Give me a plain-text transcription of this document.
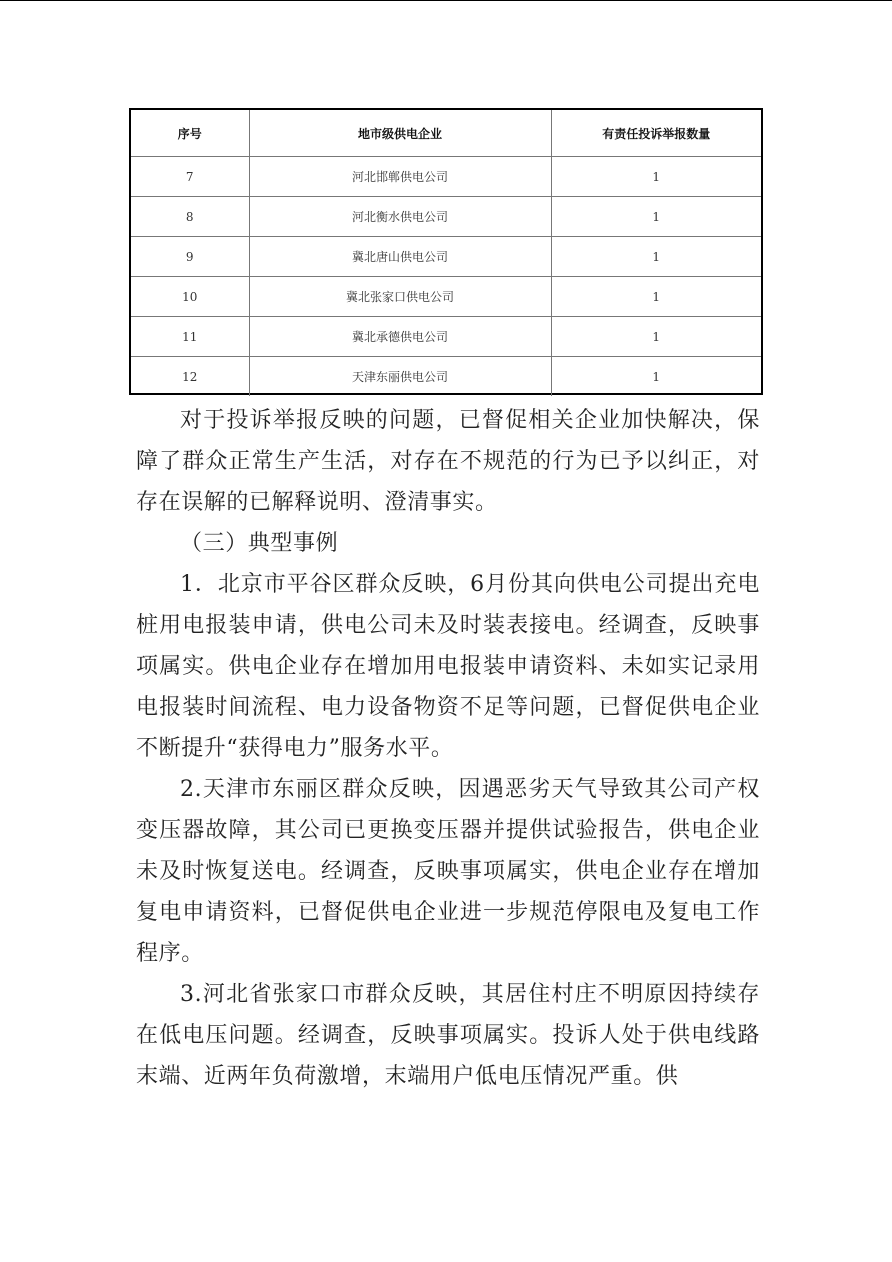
序号	地市级供电企业	有责任投诉举报数量
7	河北邯郸供电公司	1
8	河北衡水供电公司	1
9	冀北唐山供电公司	1
10	冀北张家口供电公司	1
11	冀北承德供电公司	1
12	天津东丽供电公司	1

对于投诉举报反映的问题，已督促相关企业加快解决，保障了群众正常生产生活，对存在不规范的行为已予以纠正，对存在误解的已解释说明、澄清事实。

（三）典型事例

1．北京市平谷区群众反映，6月份其向供电公司提出充电桩用电报装申请，供电公司未及时装表接电。经调查，反映事项属实。供电企业存在增加用电报装申请资料、未如实记录用电报装时间流程、电力设备物资不足等问题，已督促供电企业不断提升“获得电力”服务水平。

2.天津市东丽区群众反映，因遇恶劣天气导致其公司产权变压器故障，其公司已更换变压器并提供试验报告，供电企业未及时恢复送电。经调查，反映事项属实，供电企业存在增加复电申请资料，已督促供电企业进一步规范停限电及复电工作程序。

3.河北省张家口市群众反映，其居住村庄不明原因持续存在低电压问题。经调查，反映事项属实。投诉人处于供电线路末端、近两年负荷激增，末端用户低电压情况严重。供
